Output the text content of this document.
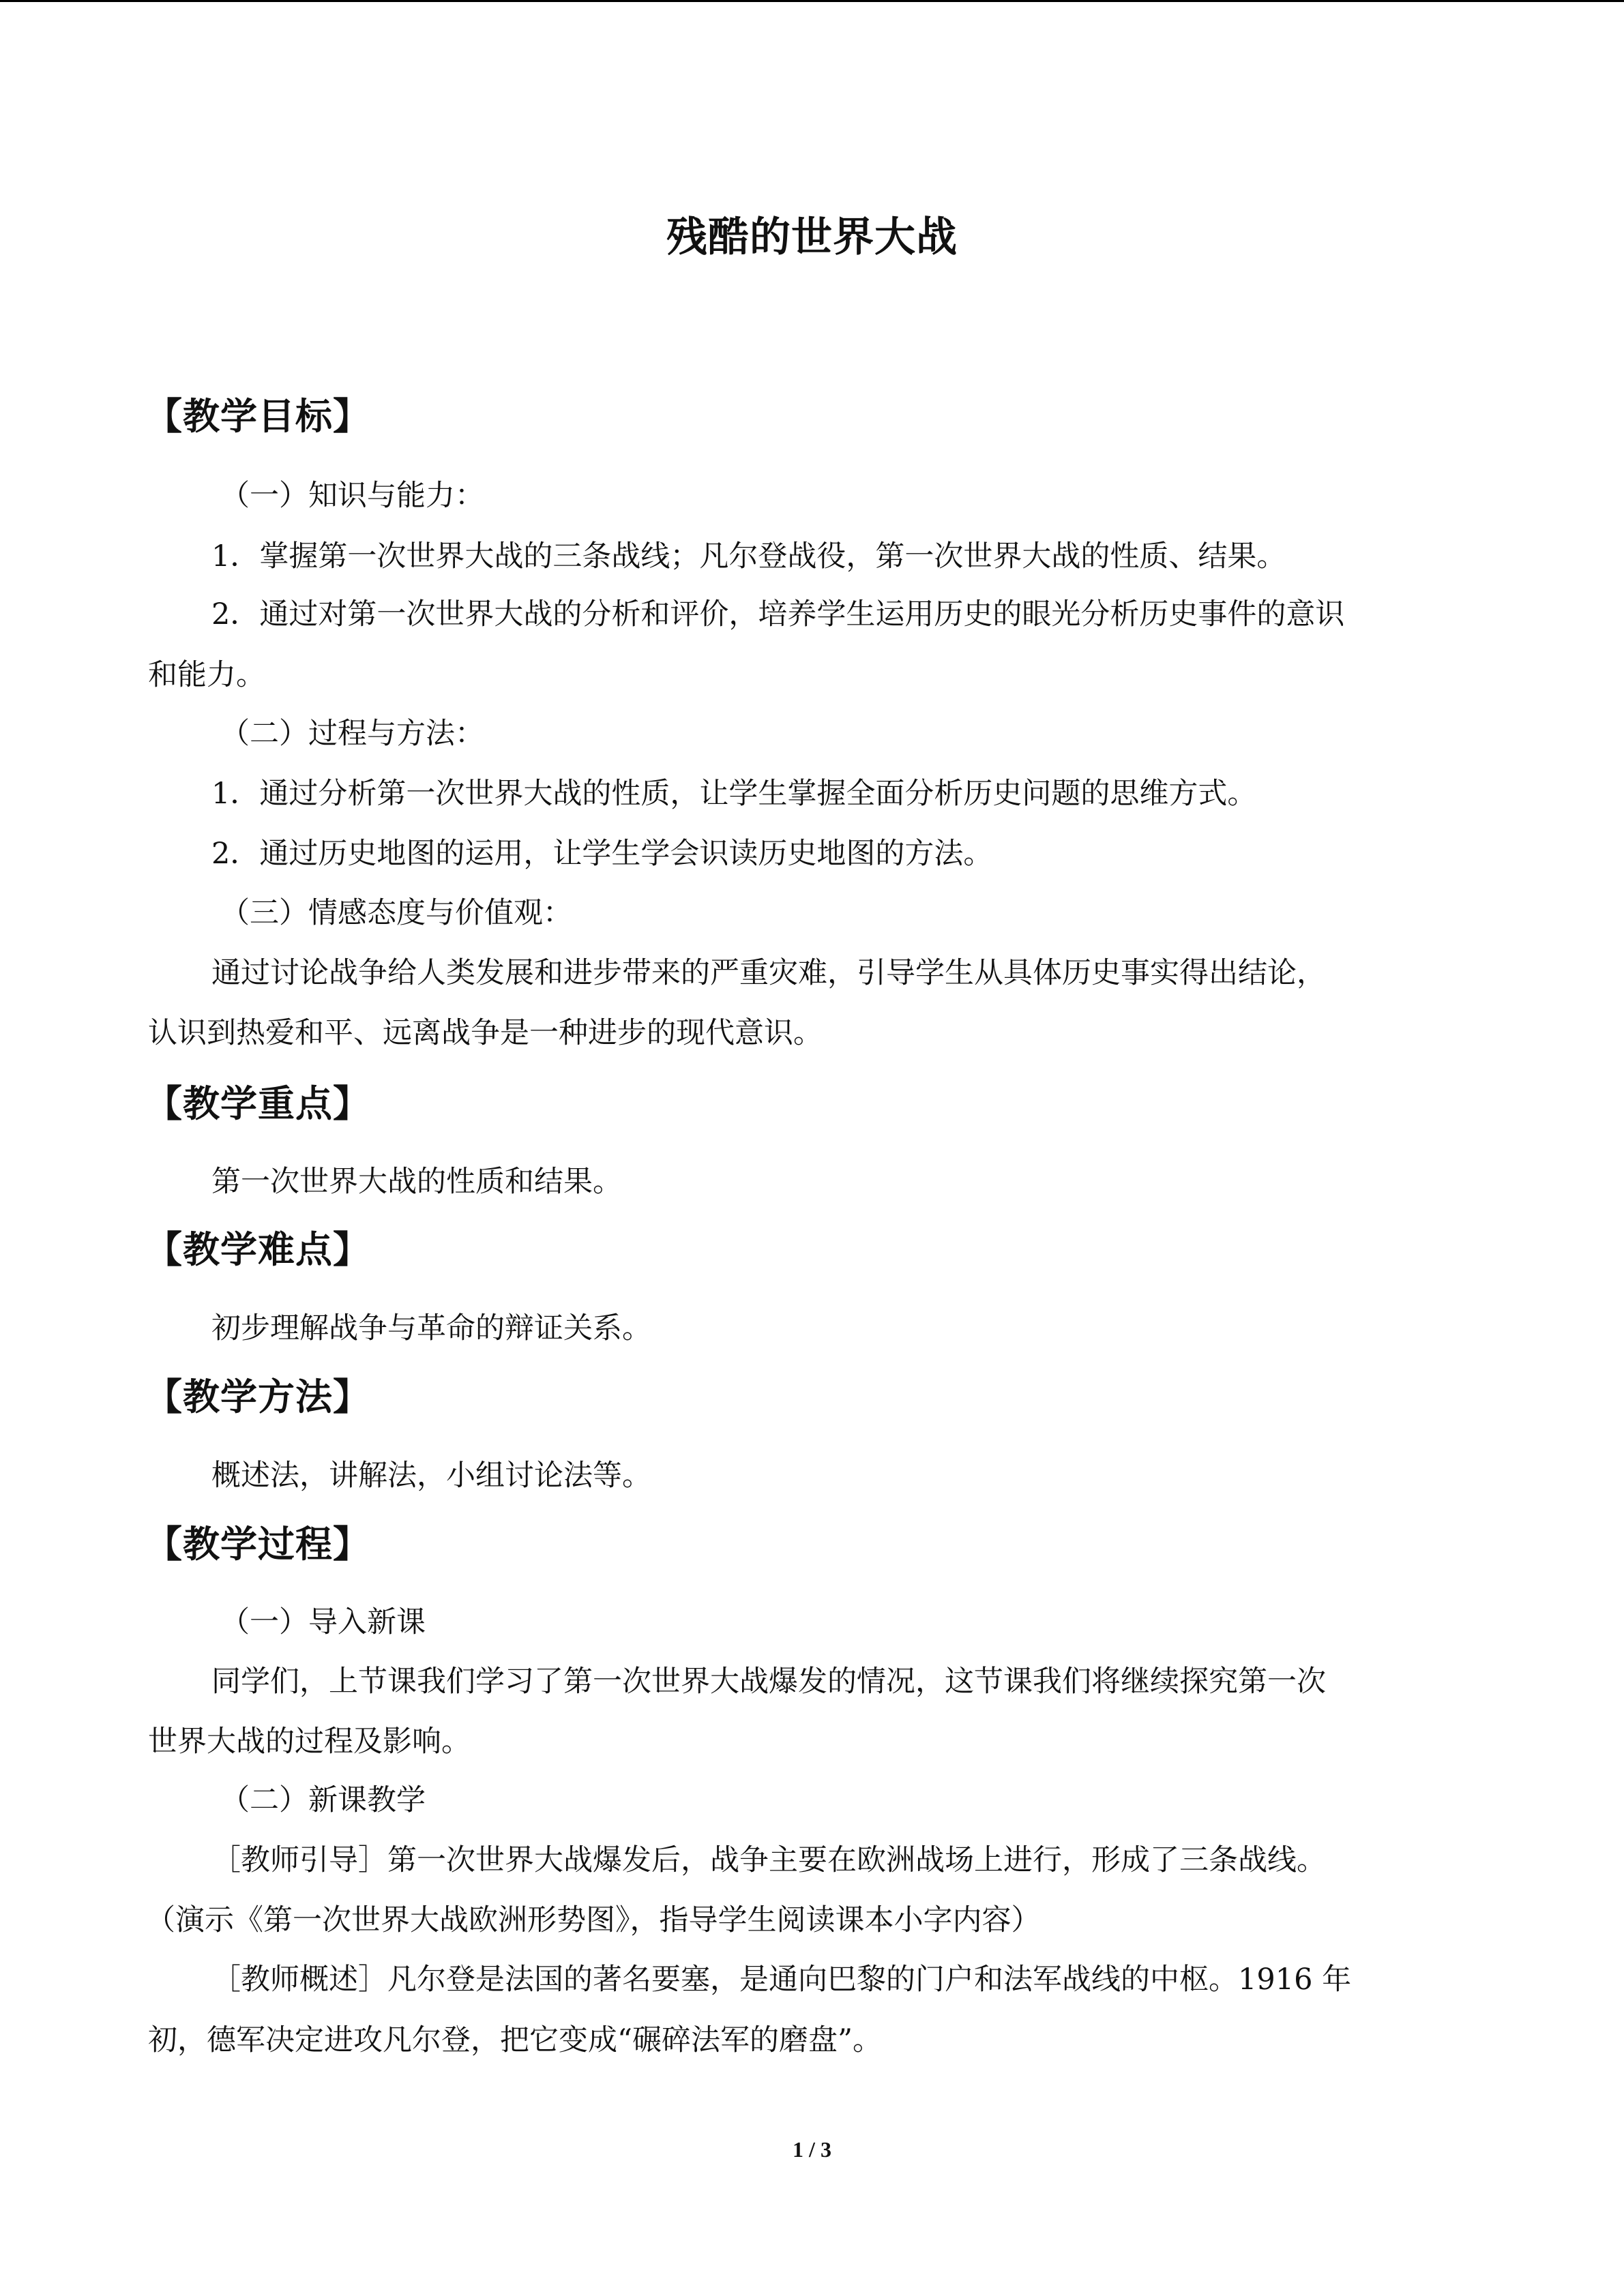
残酷的世界大战
【教学目标】
（一）知识与能力：
1．掌握第一次世界大战的三条战线；凡尔登战役，第一次世界大战的性质、结果。
2．通过对第一次世界大战的分析和评价，培养学生运用历史的眼光分析历史事件的意识
和能力。
（二）过程与方法：
1．通过分析第一次世界大战的性质，让学生掌握全面分析历史问题的思维方式。
2．通过历史地图的运用，让学生学会识读历史地图的方法。
（三）情感态度与价值观：
通过讨论战争给人类发展和进步带来的严重灾难，引导学生从具体历史事实得出结论，
认识到热爱和平、远离战争是一种进步的现代意识。
【教学重点】
第一次世界大战的性质和结果。
【教学难点】
初步理解战争与革命的辩证关系。
【教学方法】
概述法，讲解法，小组讨论法等。
【教学过程】
（一）导入新课
同学们，上节课我们学习了第一次世界大战爆发的情况，这节课我们将继续探究第一次
世界大战的过程及影响。
（二）新课教学
［教师引导］第一次世界大战爆发后，战争主要在欧洲战场上进行，形成了三条战线。
（演示《第一次世界大战欧洲形势图》，指导学生阅读课本小字内容）
［教师概述］凡尔登是法国的著名要塞，是通向巴黎的门户和法军战线的中枢。1916 年
初，德军决定进攻凡尔登，把它变成“碾碎法军的磨盘”。
1 / 3
